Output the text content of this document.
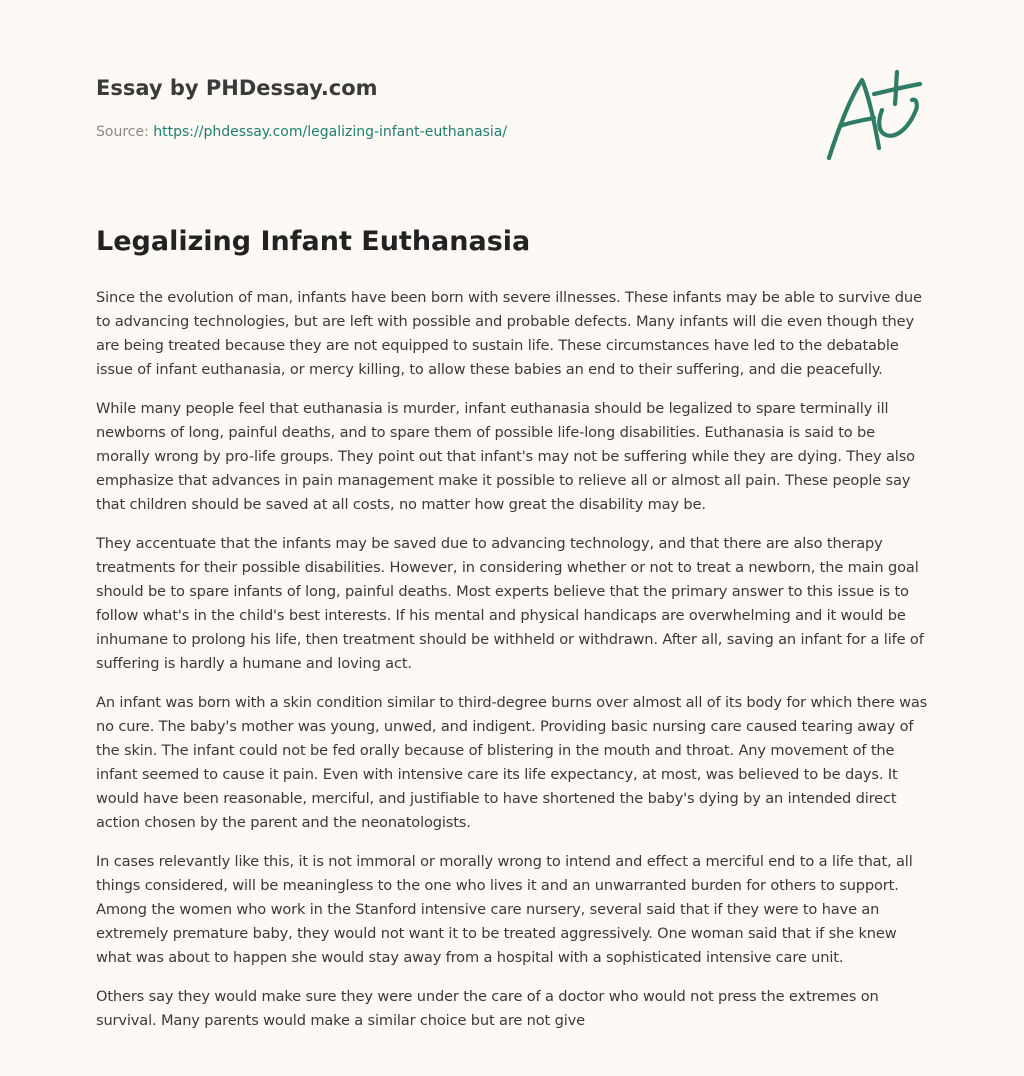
Essay by PHDessay.com
Source: https://phdessay.com/legalizing-infant-euthanasia/
Legalizing Infant Euthanasia

Since the evolution of man, infants have been born with severe illnesses. These infants may be able to survive due to advancing technologies, but are left with possible and probable defects. Many infants will die even though they are being treated because they are not equipped to sustain life. These circumstances have led to the debatable issue of infant euthanasia, or mercy killing, to allow these babies an end to their suffering, and die peacefully.

While many people feel that euthanasia is murder, infant euthanasia should be legalized to spare terminally ill newborns of long, painful deaths, and to spare them of possible life-long disabilities. Euthanasia is said to be morally wrong by pro-life groups. They point out that infant's may not be suffering while they are dying. They also emphasize that advances in pain management make it possible to relieve all or almost all pain. These people say that children should be saved at all costs, no matter how great the disability may be.

They accentuate that the infants may be saved due to advancing technology, and that there are also therapy treatments for their possible disabilities. However, in considering whether or not to treat a newborn, the main goal should be to spare infants of long, painful deaths. Most experts believe that the primary answer to this issue is to follow what's in the child's best interests. If his mental and physical handicaps are overwhelming and it would be inhumane to prolong his life, then treatment should be withheld or withdrawn. After all, saving an infant for a life of suffering is hardly a humane and loving act.

An infant was born with a skin condition similar to third-degree burns over almost all of its body for which there was no cure. The baby's mother was young, unwed, and indigent. Providing basic nursing care caused tearing away of the skin. The infant could not be fed orally because of blistering in the mouth and throat. Any movement of the infant seemed to cause it pain. Even with intensive care its life expectancy, at most, was believed to be days. It would have been reasonable, merciful, and justifiable to have shortened the baby's dying by an intended direct action chosen by the parent and the neonatologists.

In cases relevantly like this, it is not immoral or morally wrong to intend and effect a merciful end to a life that, all things considered, will be meaningless to the one who lives it and an unwarranted burden for others to support. Among the women who work in the Stanford intensive care nursery, several said that if they were to have an extremely premature baby, they would not want it to be treated aggressively. One woman said that if she knew what was about to happen she would stay away from a hospital with a sophisticated intensive care unit.

Others say they would make sure they were under the care of a doctor who would not press the extremes on survival. Many parents would make a similar choice but are not give
